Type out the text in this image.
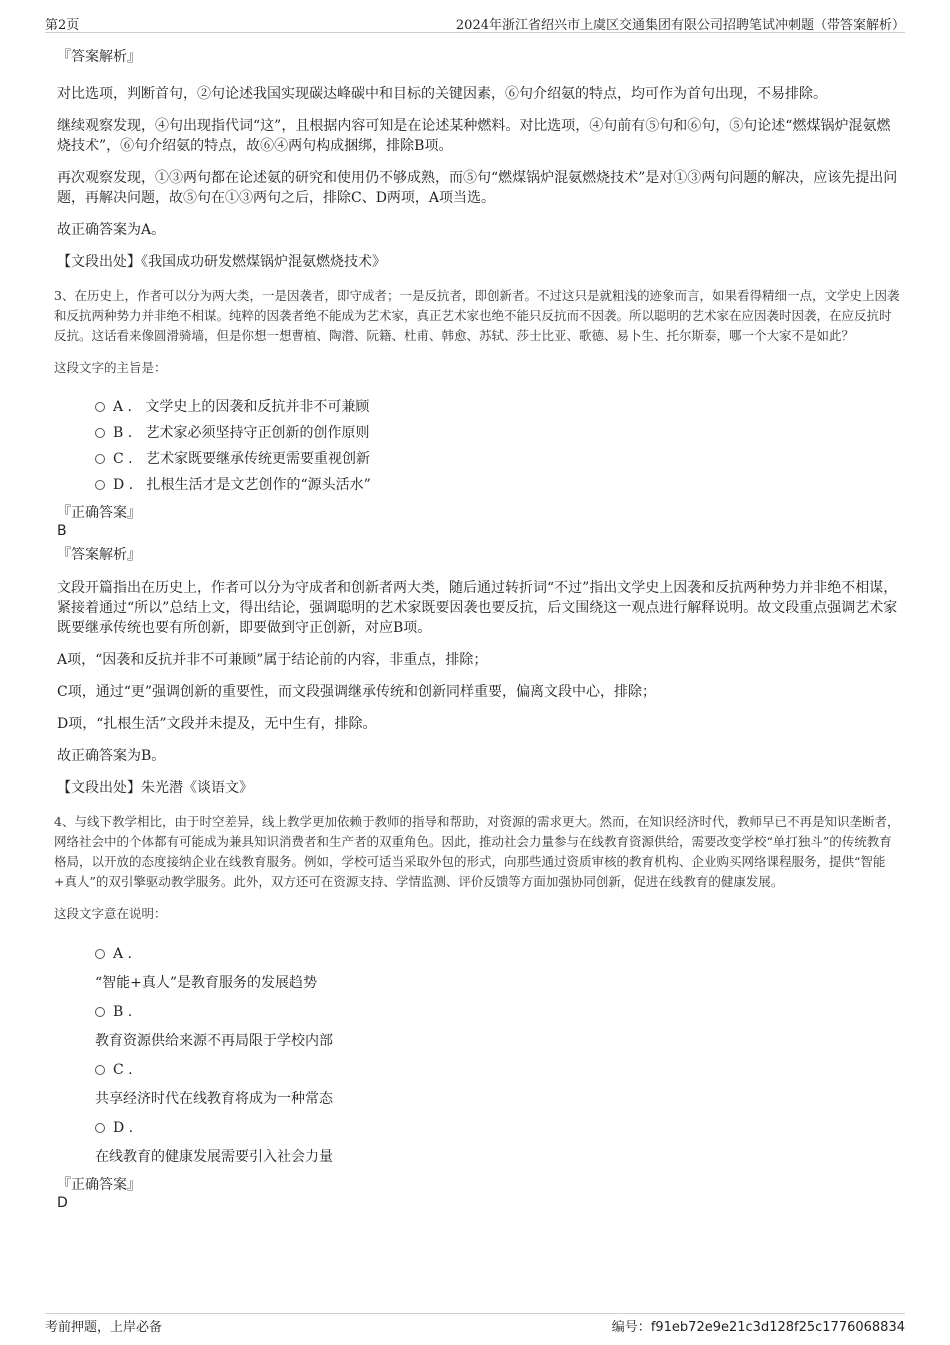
第2页	2024年浙江省绍兴市上虞区交通集团有限公司招聘笔试冲刺题（带答案解析）
『答案解析』

对比选项，判断首句，②句论述我国实现碳达峰碳中和目标的关键因素，⑥句介绍氨的特点，均可作为首句出现，不易排除。

继续观察发现，④句出现指代词“这”，且根据内容可知是在论述某种燃料。对比选项，④句前有⑤句和⑥句，⑤句论述“燃煤锅炉混氨燃烧技术”，⑥句介绍氨的特点，故⑥④两句构成捆绑，排除B项。

再次观察发现，①③两句都在论述氨的研究和使用仍不够成熟，而⑤句“燃煤锅炉混氨燃烧技术”是对①③两句问题的解决，应该先提出问题，再解决问题，故⑤句在①③两句之后，排除C、D两项，A项当选。

故正确答案为A。

【文段出处】《我国成功研发燃煤锅炉混氨燃烧技术》

3、在历史上，作者可以分为两大类，一是因袭者，即守成者；一是反抗者，即创新者。不过这只是就粗浅的迹象而言，如果看得精细一点，文学史上因袭和反抗两种势力并非绝不相谋。纯粹的因袭者绝不能成为艺术家，真正艺术家也绝不能只反抗而不因袭。所以聪明的艺术家在应因袭时因袭，在应反抗时反抗。这话看来像圆滑骑墙，但是你想一想曹植、陶潜、阮籍、杜甫、韩愈、苏轼、莎士比亚、歌德、易卜生、托尔斯泰，哪一个大家不是如此？
这段文字的主旨是：
A . 文学史上的因袭和反抗并非不可兼顾
B . 艺术家必须坚持守正创新的创作原则
C . 艺术家既要继承传统更需要重视创新
D . 扎根生活才是文艺创作的“源头活水”
『正确答案』
B
『答案解析』

文段开篇指出在历史上，作者可以分为守成者和创新者两大类，随后通过转折词“不过”指出文学史上因袭和反抗两种势力并非绝不相谋，紧接着通过“所以”总结上文，得出结论，强调聪明的艺术家既要因袭也要反抗，后文围绕这一观点进行解释说明。故文段重点强调艺术家既要继承传统也要有所创新，即要做到守正创新，对应B项。

A项，“因袭和反抗并非不可兼顾”属于结论前的内容，非重点，排除；

C项，通过“更”强调创新的重要性，而文段强调继承传统和创新同样重要，偏离文段中心，排除；

D项，“扎根生活”文段并未提及，无中生有，排除。

故正确答案为B。

【文段出处】朱光潜《谈语文》

4、与线下教学相比，由于时空差异，线上教学更加依赖于教师的指导和帮助，对资源的需求更大。然而，在知识经济时代，教师早已不再是知识垄断者，网络社会中的个体都有可能成为兼具知识消费者和生产者的双重角色。因此，推动社会力量参与在线教育资源供给，需要改变学校“单打独斗”的传统教育格局，以开放的态度接纳企业在线教育服务。例如，学校可适当采取外包的形式，向那些通过资质审核的教育机构、企业购买网络课程服务，提供“智能+真人”的双引擎驱动教学服务。此外，双方还可在资源支持、学情监测、评价反馈等方面加强协同创新，促进在线教育的健康发展。
这段文字意在说明：
A .
“智能+真人”是教育服务的发展趋势
B .
教育资源供给来源不再局限于学校内部
C .
共享经济时代在线教育将成为一种常态
D .
在线教育的健康发展需要引入社会力量
『正确答案』
D
考前押题，上岸必备	编号：f91eb72e9e21c3d128f25c1776068834
